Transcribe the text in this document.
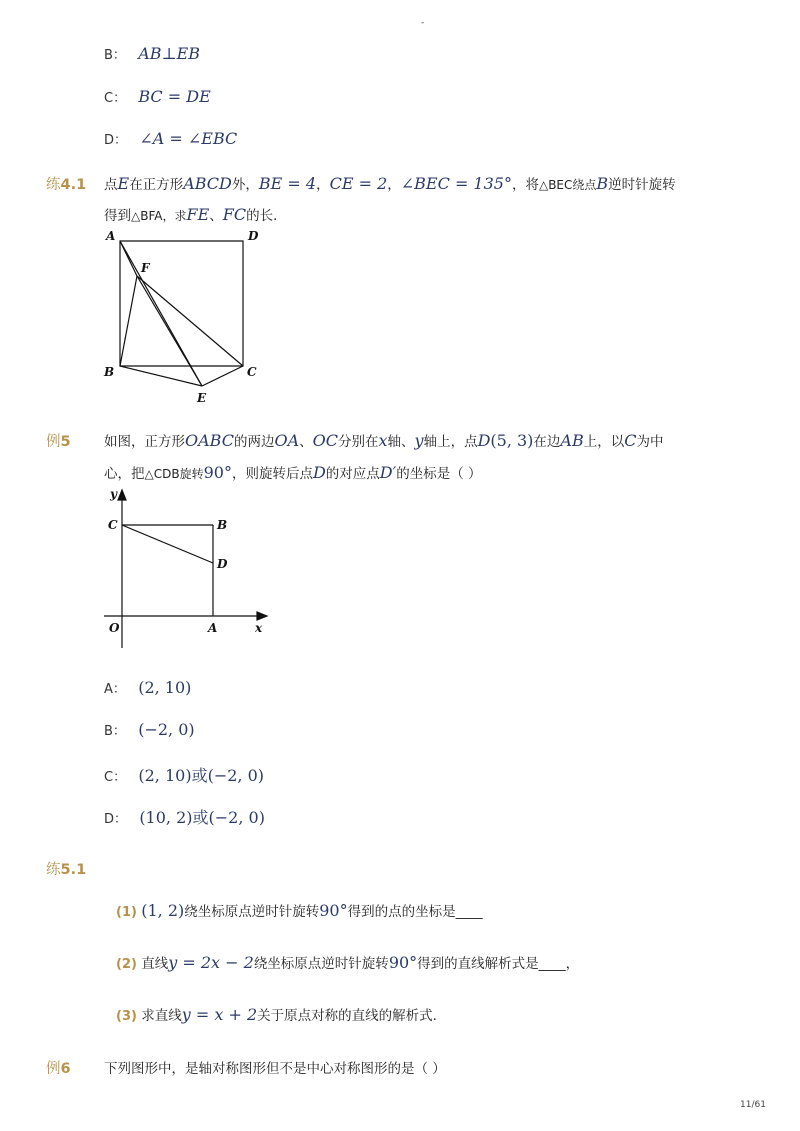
-
B： AB⊥EB
C： BC = DE
D： ∠A = ∠EBC
练4.1 点E在正方形ABCD外，BE = 4，CE = 2，∠BEC = 135°，将△BEC绕点B逆时针旋转
得到△BFA，求FE、FC的长．
A	D
F
B	C
E
例5 如图，正方形OABC的两边OA、OC分别在x轴、y轴上，点D(5, 3)在边AB上，以C为中
心，把△CDB旋转90°，则旋转后点D的对应点D′的坐标是（ ）
y
C	B
D
O	A	x
A： (2, 10)
B： (−2, 0)
C： (2, 10)或(−2, 0)
D： (10, 2)或(−2, 0)
练5.1
(1) (1, 2)绕坐标原点逆时针旋转90°得到的点的坐标是____
(2) 直线y = 2x − 2绕坐标原点逆时针旋转90°得到的直线解析式是____，
(3) 求直线y = x + 2关于原点对称的直线的解析式．
例6 下列图形中，是轴对称图形但不是中心对称图形的是（ ）
11/61
